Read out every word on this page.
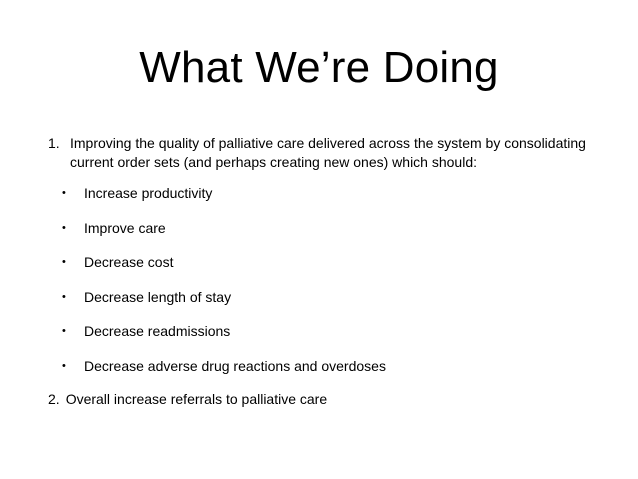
What We’re Doing
1. Improving the quality of palliative care delivered across the system by consolidating current order sets (and perhaps creating new ones) which should:
• Increase productivity
• Improve care
• Decrease cost
• Decrease length of stay
• Decrease readmissions
• Decrease adverse drug reactions and overdoses
2. Overall increase referrals to palliative care
